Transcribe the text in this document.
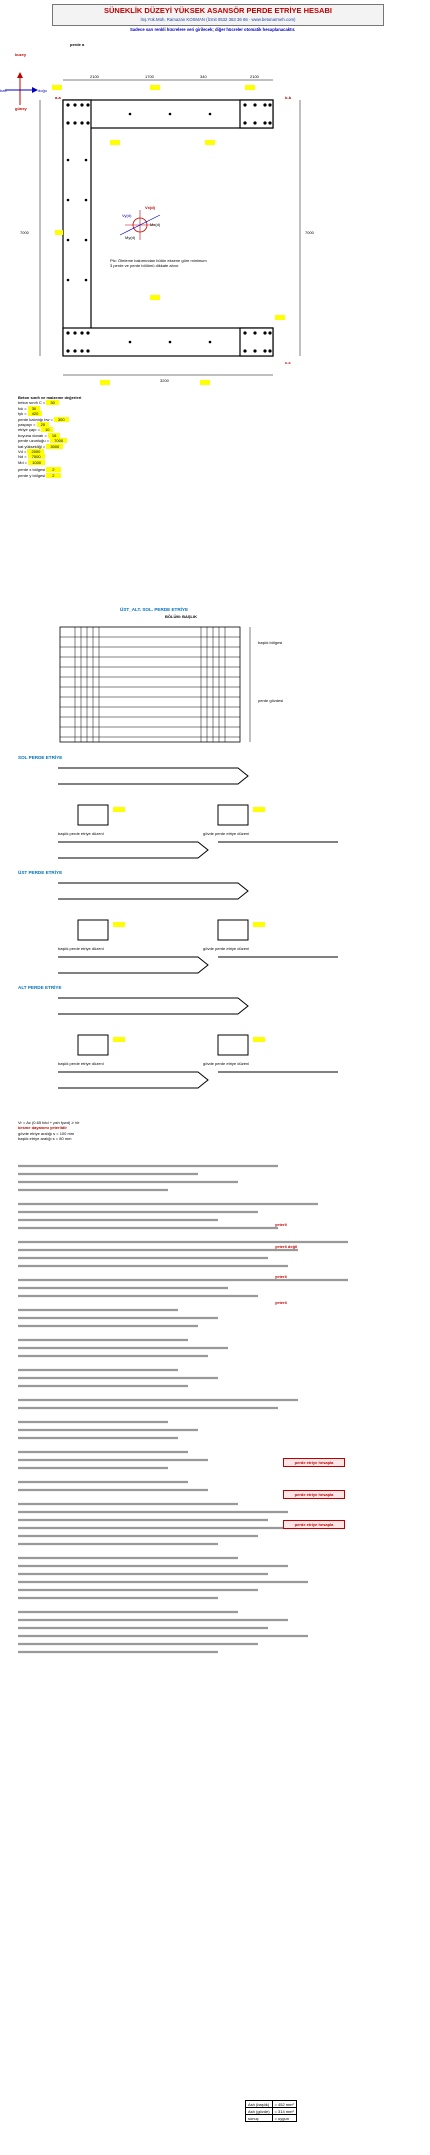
SÜNEKLİK DÜZEYİ YÜKSEK ASANSÖR PERDE ETRİYE HESABI
İnş.Yük.Müh. Ramazan KOSMAN (İzmit 0532 363 36 66 · www.betonarmeh.com)
Sadece sarı renkli hücrelere veri girilecek; diğer hücreler otomatik hesaplanacaktır.
kuzey
batı	doğu
güney
perde a
2100	1700	340	2100
7000	7000
3200
a-a	b-b
c-c
Ptc: Öteleme bakımından bütün eksene göre minimum 3 perde ve perde bölümü dikkate alınır.
Vx(d)
Vy(d)
Mx(d)
My(d)
Beton sınıfı ve malzeme değerleri
beton sınıfı C = 30
fck = 30
fyk = 420
perde kalınlığı bw = 300
paspayı = 25
etriye çapı = 10
boyuna donatı = 16
perde uzunluğu = 7000
kat yüksekliği = 3000
Vd = 2000
Nd = 7000
Md = 1000
perde x bölgesi 2
perde y bölgesi 2
ÜST_ALT. SOL. PERDE ETRİYE
BÖLÜM: BAŞLIK
başlık bölgesi
perde gövdesi
SOL PERDE ETRİYE
başlık perde etriye düzeni	gövde perde etriye düzeni
ÜST PERDE ETRİYE
başlık perde etriye düzeni	gövde perde etriye düzeni
ALT PERDE ETRİYE
başlık perde etriye düzeni	gövde perde etriye düzeni
Vr = Ac (0.65 fctd + ρsh fywd) ≥ Ve
kesme dayanımı yeterlidir
gövde etriye aralığı s = 100 mm
başlık etriye aralığı s = 80 mm
perde etriye hesapla
perde etriye hesapla
perde etriye hesapla
yeterli
yeterli değil
yeterli
yeterli
Ash (başlık)	= 452 mm²
Ash (gövde)	= 314 mm²
sonuç	= uygun
